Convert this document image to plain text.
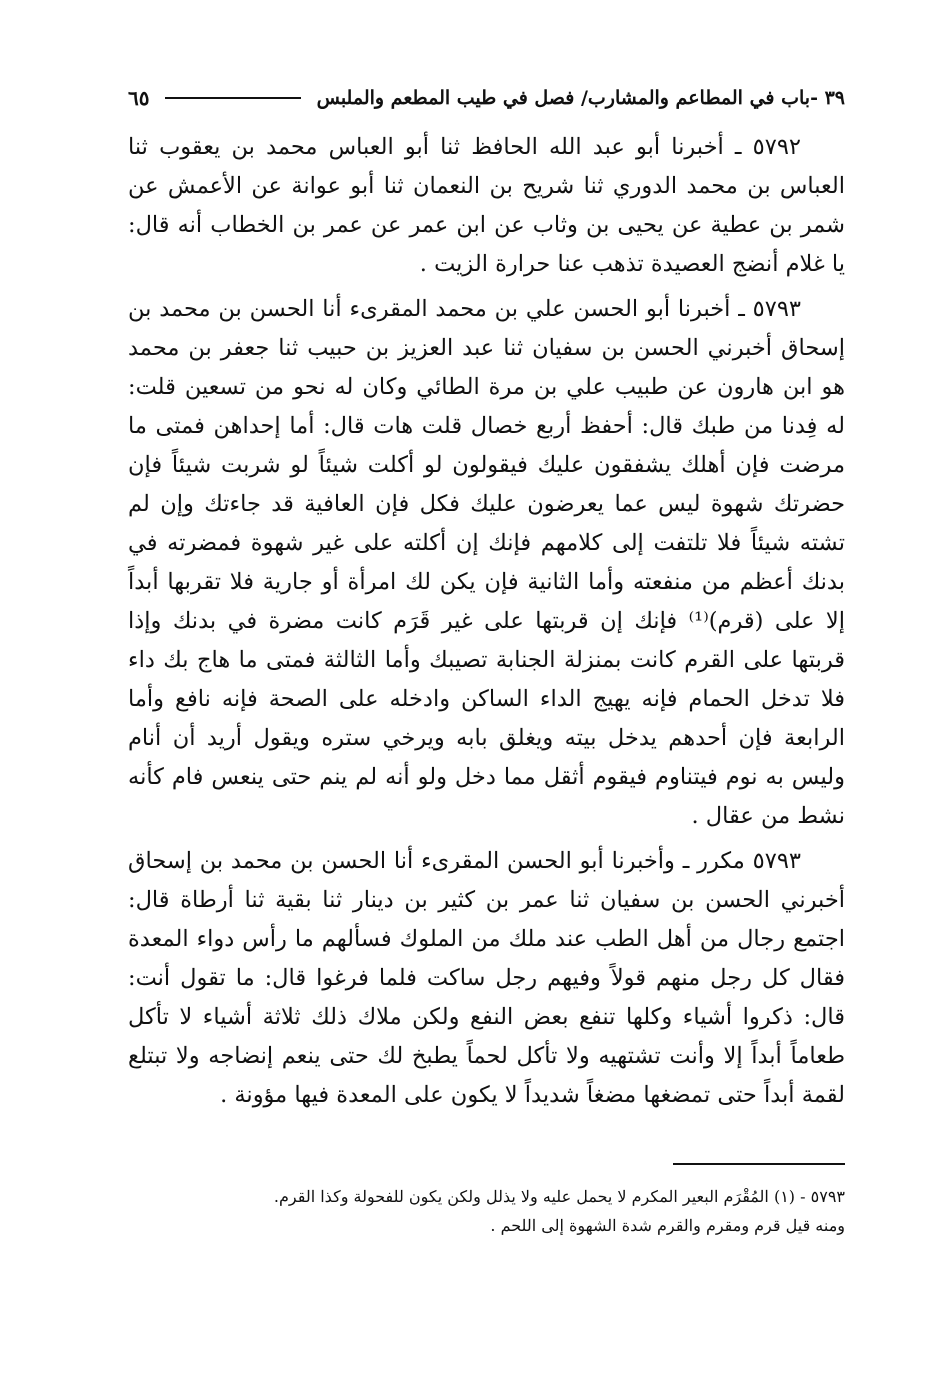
٣٩ -باب في المطاعم والمشارب/ فصل في طيب المطعم والملبس
٦٥

٥٧٩٢ ـ أخبرنا أبو عبد الله الحافظ ثنا أبو العباس محمد بن يعقوب ثنا العباس بن محمد الدوري ثنا شريح بن النعمان ثنا أبو عوانة عن الأعمش عن شمر بن عطية عن يحيى بن وثاب عن ابن عمر عن عمر بن الخطاب أنه قال: يا غلام أنضج العصيدة تذهب عنا حرارة الزيت .

٥٧٩٣ ـ أخبرنا أبو الحسن علي بن محمد المقرىء أنا الحسن بن محمد بن إسحاق أخبرني الحسن بن سفيان ثنا عبد العزيز بن حبيب ثنا جعفر بن محمد هو ابن هارون عن طبيب علي بن مرة الطائي وكان له نحو من تسعين قلت: له فِدنا من طبك قال: أحفظ أربع خصال قلت هات قال: أما إحداهن فمتى ما مرضت فإن أهلك يشفقون عليك فيقولون لو أكلت شيئاً لو شربت شيئاً فإن حضرتك شهوة ليس عما يعرضون عليك فكل فإن العافية قد جاءتك وإن لم تشته شيئاً فلا تلتفت إلى كلامهم فإنك إن أكلته على غير شهوة فمضرته في بدنك أعظم من منفعته وأما الثانية فإن يكن لك امرأة أو جارية فلا تقربها أبداً إلا على (قرم)⁽¹⁾ فإنك إن قربتها على غير قَرَم كانت مضرة في بدنك وإذا قربتها على القرم كانت بمنزلة الجنابة تصيبك وأما الثالثة فمتى ما هاج بك داء فلا تدخل الحمام فإنه يهيج الداء الساكن وادخله على الصحة فإنه نافع وأما الرابعة فإن أحدهم يدخل بيته ويغلق بابه ويرخي ستره ويقول أريد أن أنام وليس به نوم فيتناوم فيقوم أثقل مما دخل ولو أنه لم ينم حتى ينعس فام كأنه نشط من عقال .

٥٧٩٣ مكرر ـ وأخبرنا أبو الحسن المقرىء أنا الحسن بن محمد بن إسحاق أخبرني الحسن بن سفيان ثنا عمر بن كثير بن دينار ثنا بقية ثنا أرطاة قال: اجتمع رجال من أهل الطب عند ملك من الملوك فسألهم ما رأس دواء المعدة فقال كل رجل منهم قولاً وفيهم رجل ساكت فلما فرغوا قال: ما تقول أنت: قال: ذكروا أشياء وكلها تنفع بعض النفع ولكن ملاك ذلك ثلاثة أشياء لا تأكل طعاماً أبداً إلا وأنت تشتهيه ولا تأكل لحماً يطبخ لك حتى ينعم إنضاجه ولا تبتلع لقمة أبداً حتى تمضغها مضغاً شديداً لا يكون على المعدة فيها مؤونة .

٥٧٩٣ - (١) المُقْرَم البعير المكرم لا يحمل عليه ولا يذلل ولكن يكون للفحولة وكذا القرم.

ومنه قيل قرم ومقرم والقرم شدة الشهوة إلى اللحم .
